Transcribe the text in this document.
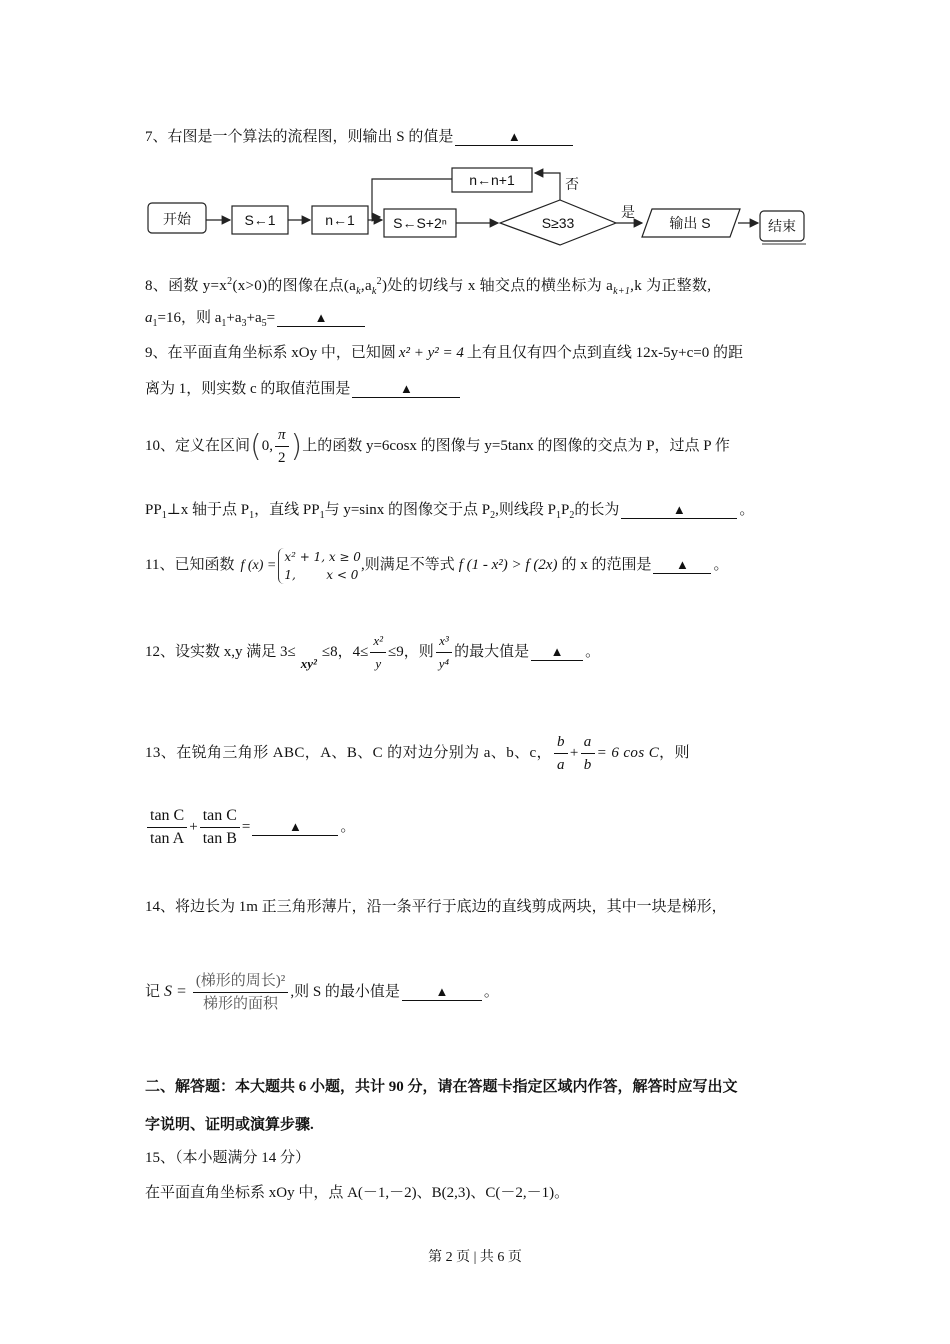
7、右图是一个算法的流程图，则输出 S 的值是	▲
开始	S←1	n←1	S←S+2ⁿ
n←n+1
S≥33
否
是
输出 S	结束
8、函数 $y=x^2(x>0)$的图像在点$(a_k,a_k^2)$处的切线与 x 轴交点的横坐标为 $a_{k+1},k$ 为正整数,
$a_1=16$，则 $a_1+a_3+a_5=$	▲
9、在平面直角坐标系 xOy 中，已知圆 x² + y² = 4 上有且仅有四个点到直线 12x-5y+c=0 的距
离为 1，则实数 c 的取值范围是	▲
10、定义在区间(0, $\frac{\pi}{2}$ )上的函数 y=6cosx 的图像与 y=5tanx 的图像的交点为 P，过点 P 作
$PP_1\perp x$ 轴于点 $P_1$，直线 $PP_1$与 y=sinx 的图像交于点 $P_2$,则线段 $P_1P_2$的长为	▲	。
11、已知函数 f (x) =
x² + 1, x ≥ 0
1,        x < 0
,则满足不等式 f (1 - x²) > f (2x) 的 x 的范围是 ▲ 。
12、设实数 x,y 满足 3≤

xy²
≤8，$4\le \frac{\text{x²}}{y} \le 9$，则 $\frac{\text{x³}}{\text{y⁴}}$ 的最大值是 ▲ 。
13、在锐角三角形 ABC，A、B、C 的对边分别为 a、b、c， $\frac{b}{a} + \frac{a}{b} = 6$ cos C，则
$\frac{\text{tan C}}{\text{tan A}} + \frac{\text{tan C}}{\text{tan B}}$ =	▲	。
14、将边长为 1m 正三角形薄片，沿一条平行于底边的直线剪成两块，其中一块是梯形，
记 $S = \frac{\text{(梯形的周长)²}}{\text{梯形的面积}}$ ,则 S 的最小值是	▲ 。
二、解答题：本大题共 6 小题，共计 90 分，请在答题卡指定区域内作答，解答时应写出文
字说明、证明或演算步骤.
15、（本小题满分 14 分）
在平面直角坐标系 xOy 中，点 A(－1,－2)、B(2,3)、C(－2,－1)。
第 2 页 | 共 6 页
